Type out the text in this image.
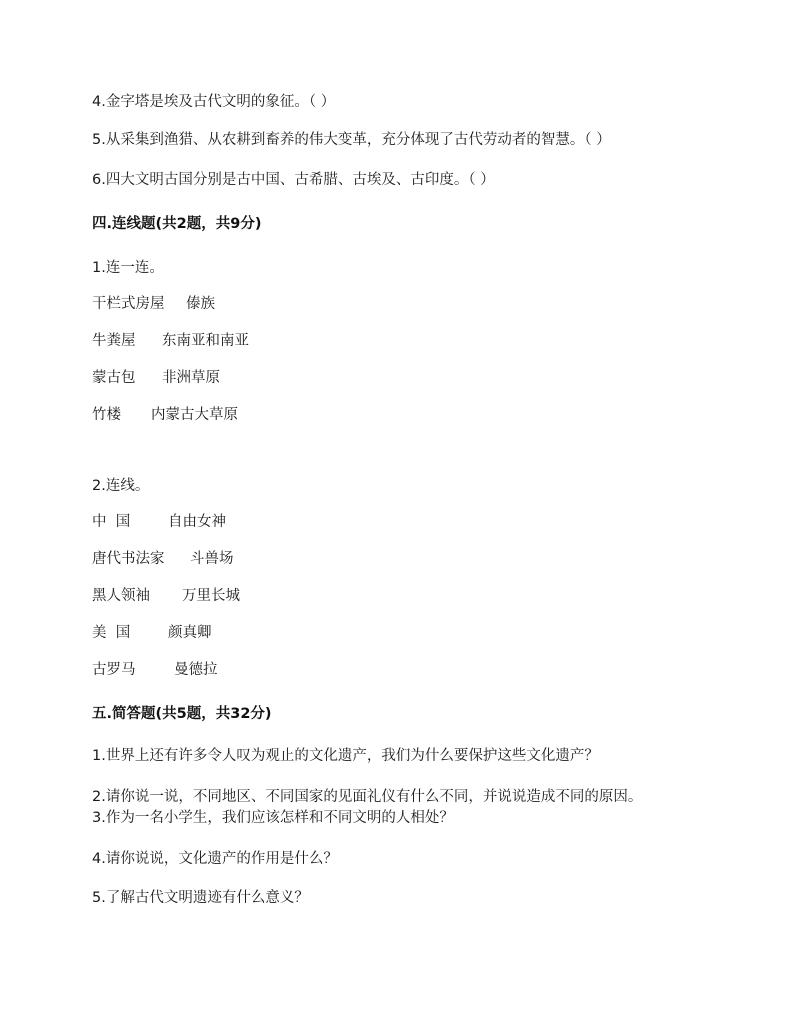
4.金字塔是埃及古代文明的象征。（ ）
5.从采集到渔猎、从农耕到畜养的伟大变革，充分体现了古代劳动者的智慧。（ ）
6.四大文明古国分别是古中国、古希腊、古埃及、古印度。（ ）
四.连线题(共2题，共9分)
1.连一连。
干栏式房屋 傣族
牛粪屋 东南亚和南亚
蒙古包 非洲草原
竹楼 内蒙古大草原
2.连线。
中  国	自由女神
唐代书法家 斗兽场
黑人领袖 万里长城
美  国	颜真卿
古罗马	曼德拉
五.简答题(共5题，共32分)
1.世界上还有许多令人叹为观止的文化遗产，我们为什么要保护这些文化遗产？
2.请你说一说，不同地区、不同国家的见面礼仪有什么不同，并说说造成不同的原因。
3.作为一名小学生，我们应该怎样和不同文明的人相处？
4.请你说说，文化遗产的作用是什么？
5.了解古代文明遗迹有什么意义？
